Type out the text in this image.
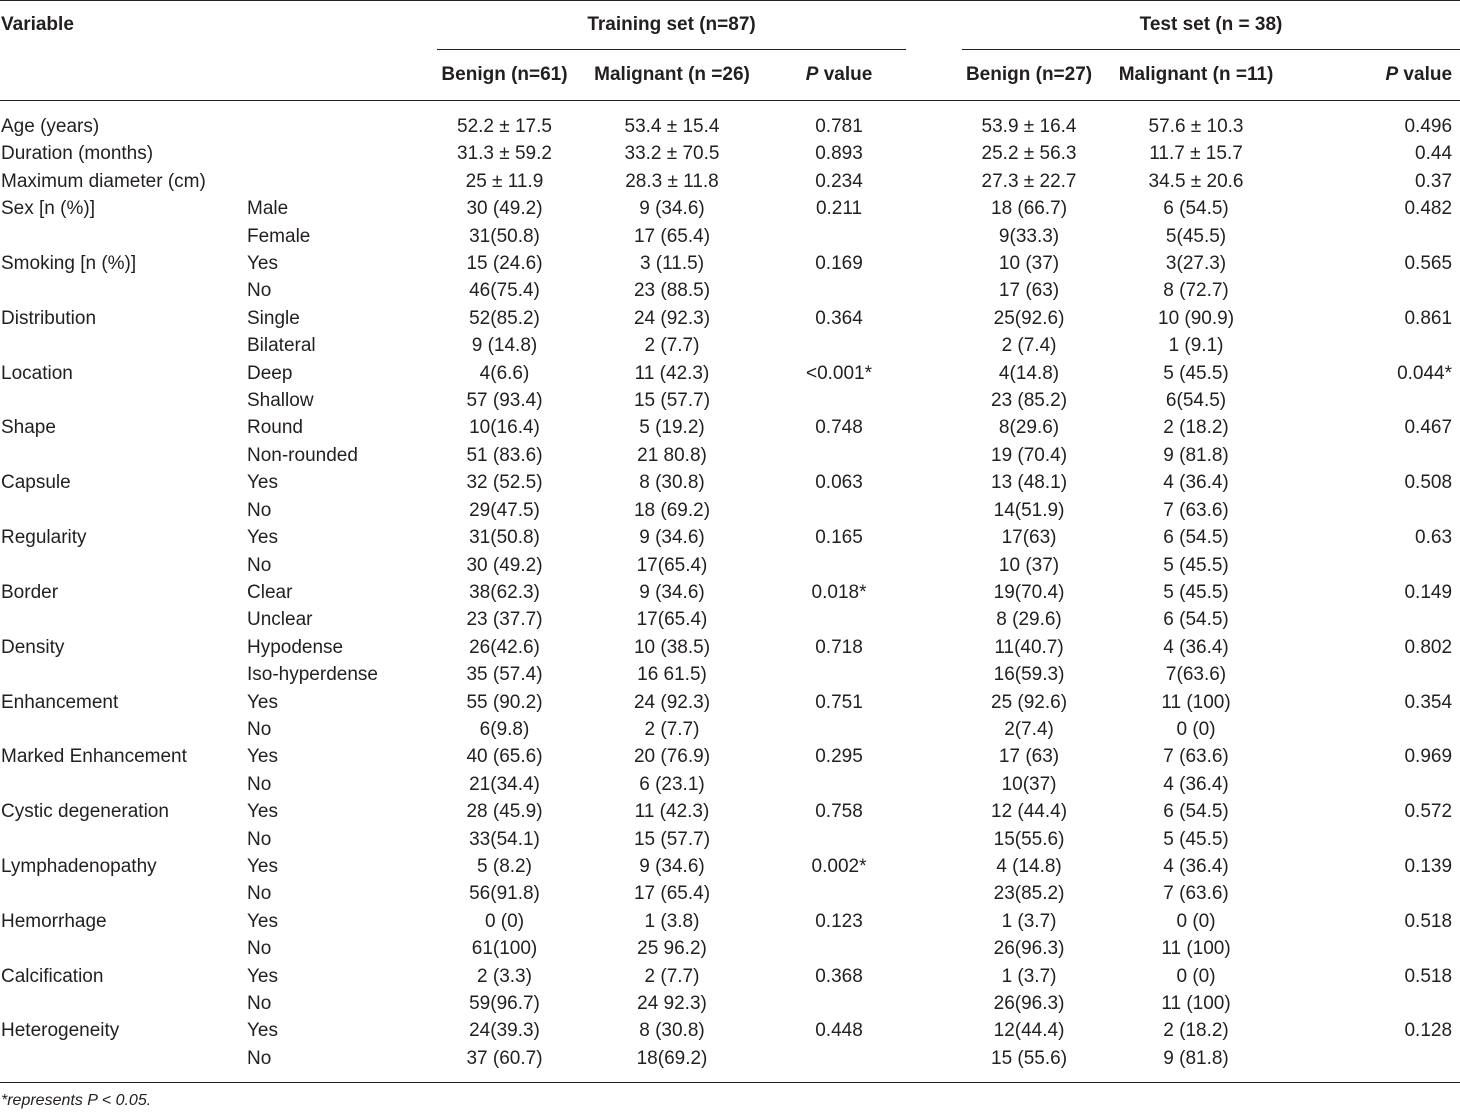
Variable		Training set (n=87)				Test set (n = 38)		
		Benign (n=61)	Malignant (n =26)	P value		Benign (n=27)	Malignant (n =11)	P value
Age (years)		52.2 ± 17.5	53.4 ± 15.4	0.781		53.9 ± 16.4	57.6 ± 10.3	0.496
Duration (months)		31.3 ± 59.2	33.2 ± 70.5	0.893		25.2 ± 56.3	11.7 ± 15.7	0.44
Maximum diameter (cm)		25 ± 11.9	28.3 ± 11.8	0.234		27.3 ± 22.7	34.5 ± 20.6	0.37
Sex [n (%)]	Male	30 (49.2)	9 (34.6)	0.211		18 (66.7)	6 (54.5)	0.482
	Female	31(50.8)	17 (65.4)			9(33.3)	5(45.5)	
Smoking [n (%)]	Yes	15 (24.6)	3 (11.5)	0.169		10 (37)	3(27.3)	0.565
	No	46(75.4)	23 (88.5)			17 (63)	8 (72.7)	
Distribution	Single	52(85.2)	24 (92.3)	0.364		25(92.6)	10 (90.9)	0.861
	Bilateral	9 (14.8)	2 (7.7)			2 (7.4)	1 (9.1)	
Location	Deep	4(6.6)	11 (42.3)	<0.001*		4(14.8)	5 (45.5)	0.044*
	Shallow	57 (93.4)	15 (57.7)			23 (85.2)	6(54.5)	
Shape	Round	10(16.4)	5 (19.2)	0.748		8(29.6)	2 (18.2)	0.467
	Non-rounded	51 (83.6)	21 80.8)			19 (70.4)	9 (81.8)	
Capsule	Yes	32 (52.5)	8 (30.8)	0.063		13 (48.1)	4 (36.4)	0.508
	No	29(47.5)	18 (69.2)			14(51.9)	7 (63.6)	
Regularity	Yes	31(50.8)	9 (34.6)	0.165		17(63)	6 (54.5)	0.63
	No	30 (49.2)	17(65.4)			10 (37)	5 (45.5)	
Border	Clear	38(62.3)	9 (34.6)	0.018*		19(70.4)	5 (45.5)	0.149
	Unclear	23 (37.7)	17(65.4)			8 (29.6)	6 (54.5)	
Density	Hypodense	26(42.6)	10 (38.5)	0.718		11(40.7)	4 (36.4)	0.802
	Iso-hyperdense	35 (57.4)	16 61.5)			16(59.3)	7(63.6)	
Enhancement	Yes	55 (90.2)	24 (92.3)	0.751		25 (92.6)	11 (100)	0.354
	No	6(9.8)	2 (7.7)			2(7.4)	0 (0)	
Marked Enhancement	Yes	40 (65.6)	20 (76.9)	0.295		17 (63)	7 (63.6)	0.969
	No	21(34.4)	6 (23.1)			10(37)	4 (36.4)	
Cystic degeneration	Yes	28 (45.9)	11 (42.3)	0.758		12 (44.4)	6 (54.5)	0.572
	No	33(54.1)	15 (57.7)			15(55.6)	5 (45.5)	
Lymphadenopathy	Yes	5 (8.2)	9 (34.6)	0.002*		4 (14.8)	4 (36.4)	0.139
	No	56(91.8)	17 (65.4)			23(85.2)	7 (63.6)	
Hemorrhage	Yes	0 (0)	1 (3.8)	0.123		1 (3.7)	0 (0)	0.518
	No	61(100)	25 96.2)			26(96.3)	11 (100)	
Calcification	Yes	2 (3.3)	2 (7.7)	0.368		1 (3.7)	0 (0)	0.518
	No	59(96.7)	24 92.3)			26(96.3)	11 (100)	
Heterogeneity	Yes	24(39.3)	8 (30.8)	0.448		12(44.4)	2 (18.2)	0.128
	No	37 (60.7)	18(69.2)			15 (55.6)	9 (81.8)	
*represents P < 0.05.
